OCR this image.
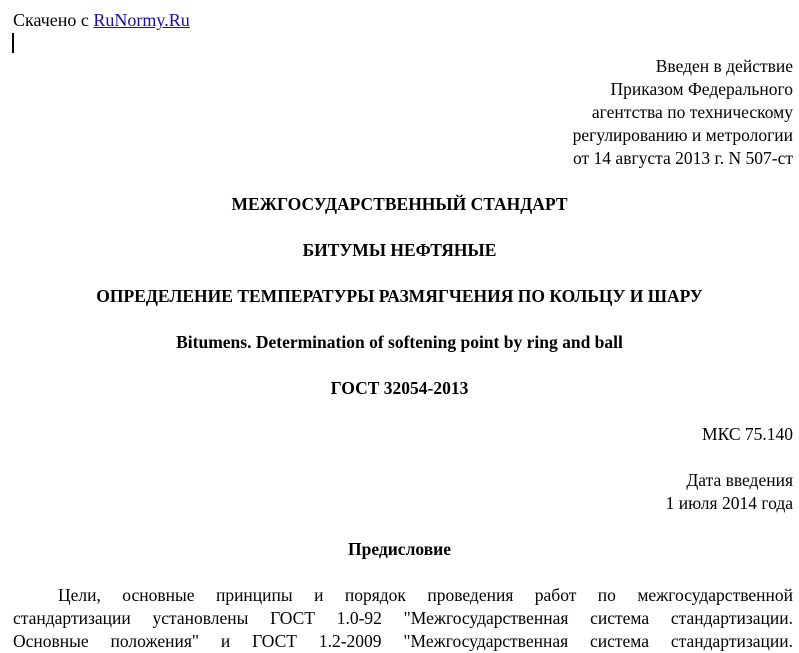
Скачено с RuNormy.Ru
Введен в действие
Приказом Федерального
агентства по техническому
регулированию и метрологии
от 14 августа 2013 г. N 507-ст
МЕЖГОСУДАРСТВЕННЫЙ СТАНДАРТ
БИТУМЫ НЕФТЯНЫЕ
ОПРЕДЕЛЕНИЕ ТЕМПЕРАТУРЫ РАЗМЯГЧЕНИЯ ПО КОЛЬЦУ И ШАРУ
Bitumens. Determination of softening point by ring and ball
ГОСТ 32054-2013
МКС 75.140
Дата введения
1 июля 2014 года
Предисловие
Цели, основные принципы и порядок проведения работ по межгосударственной
стандартизации установлены ГОСТ 1.0-92 "Межгосударственная система стандартизации.
Основные положения" и ГОСТ 1.2-2009 "Межгосударственная система стандартизации.
